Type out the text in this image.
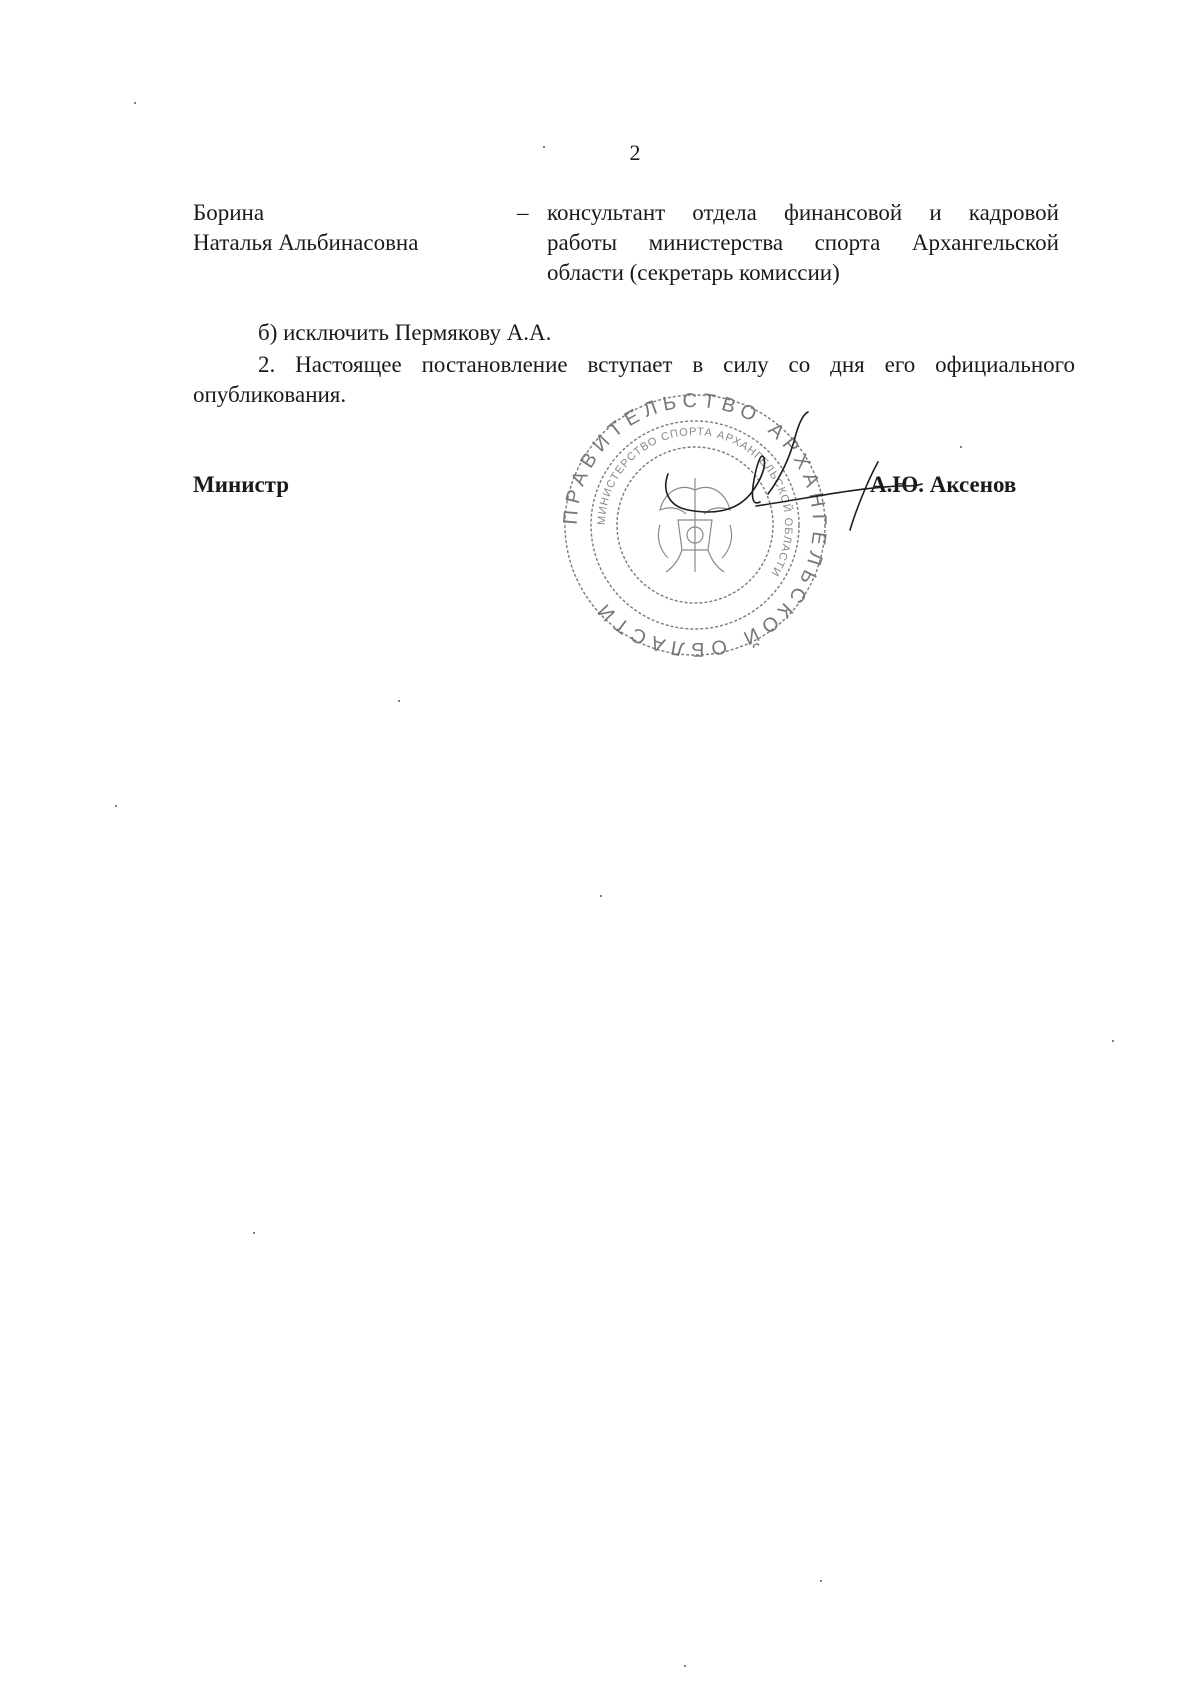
2
Борина
Наталья Альбинасовна
– консультант отдела финансовой и кадровой
работы министерства спорта Архангельской
области (секретарь комиссии)
б) исключить Пермякову А.А.
2. Настоящее постановление вступает в силу со дня его официального
опубликования.
ПРАВИТЕЛЬСТВО АРХАНГЕЛЬСКОЙ ОБЛАСТИ
МИНИСТЕРСТВО СПОРТА АРХАНГЕЛЬСКОЙ ОБЛАСТИ
Министр	А.Ю. Аксенов
